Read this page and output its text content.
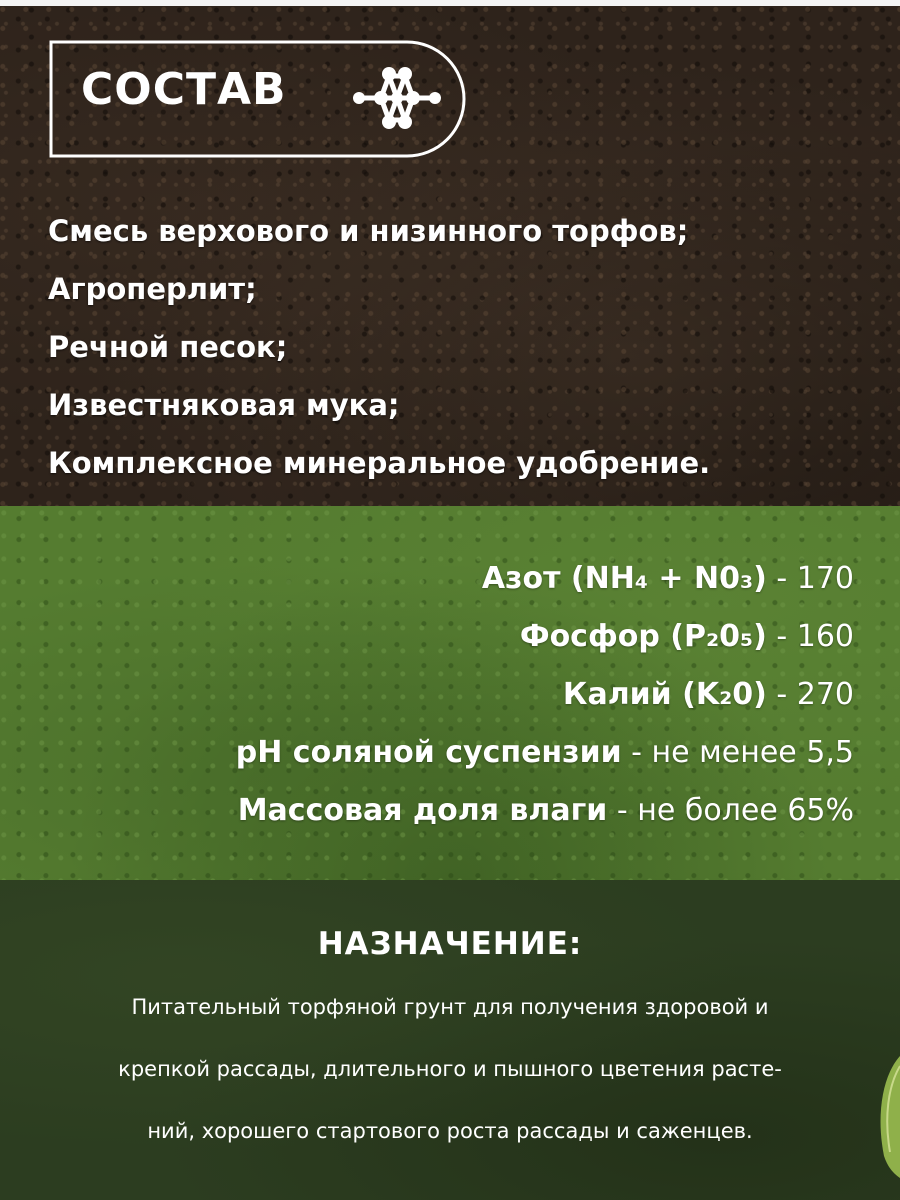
СОСТАВ
Смесь верхового и низинного торфов;
Агроперлит;
Речной песок;
Известняковая мука;
Комплексное минеральное удобрение.
Азот (NH₄ + N0₃) - 170
Фосфор (P₂0₅) - 160
Калий (K₂0) - 270
pH соляной суспензии - не менее 5,5
Массовая доля влаги - не более 65%
НАЗНАЧЕНИЕ:
Питательный торфяной грунт для получения здоровой и
крепкой рассады, длительного и пышного цветения расте-
ний, хорошего стартового роста рассады и саженцев.
